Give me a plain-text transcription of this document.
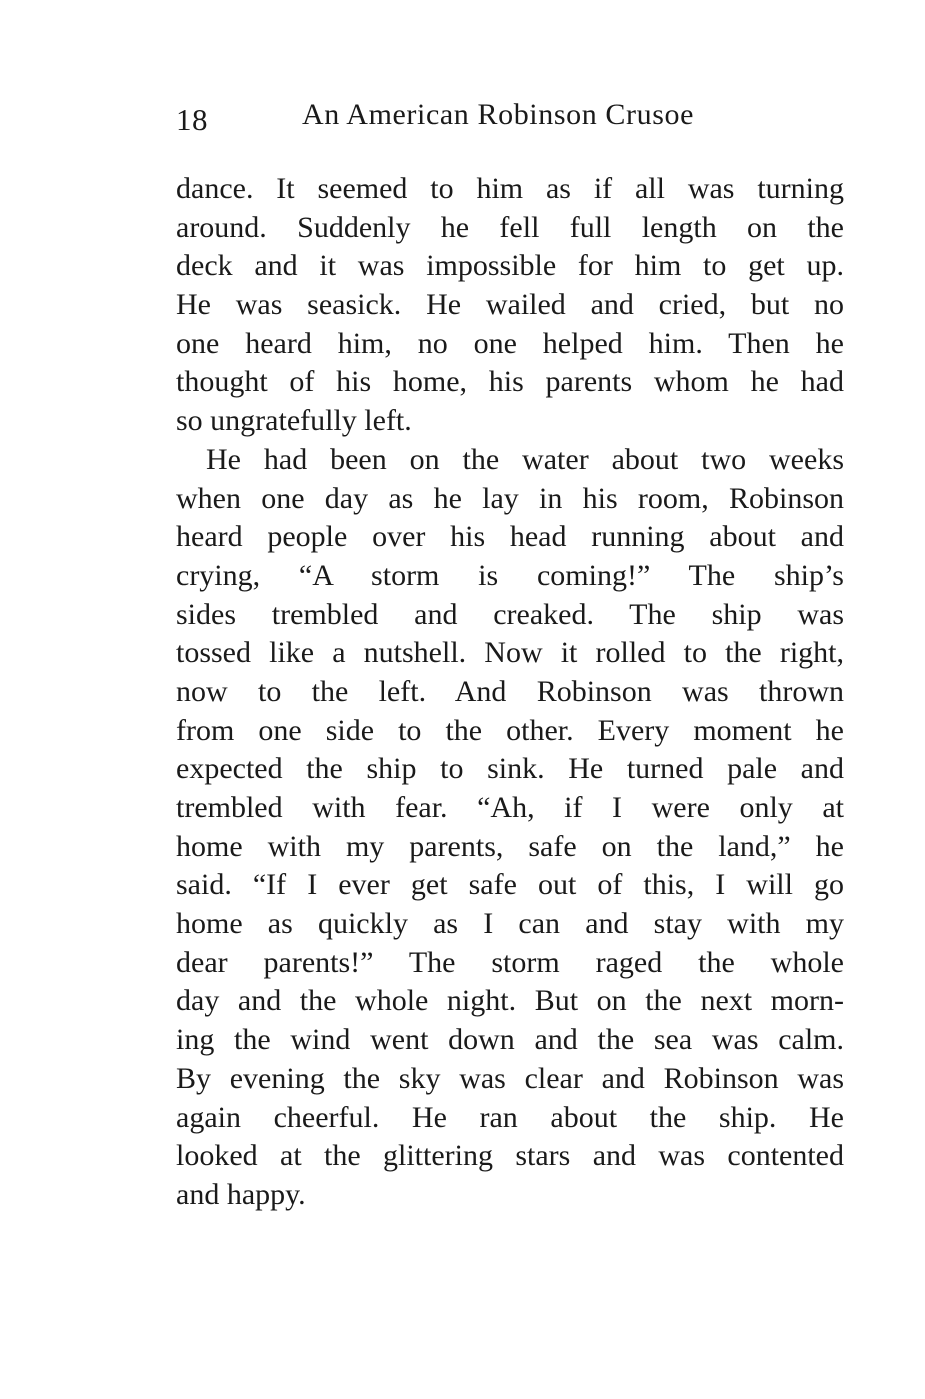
18	An American Robinson Crusoe
dance. It seemed to him as if all was turning
around. Suddenly he fell full length on the
deck and it was impossible for him to get up.
He was seasick. He wailed and cried, but no
one heard him, no one helped him. Then he
thought of his home, his parents whom he had
so ungratefully left.
He had been on the water about two weeks
when one day as he lay in his room, Robinson
heard people over his head running about and
crying, “A storm is coming!” The ship’s
sides trembled and creaked. The ship was
tossed like a nutshell. Now it rolled to the right,
now to the left. And Robinson was thrown
from one side to the other. Every moment he
expected the ship to sink. He turned pale and
trembled with fear. “Ah, if I were only at
home with my parents, safe on the land,” he
said. “If I ever get safe out of this, I will go
home as quickly as I can and stay with my
dear parents!” The storm raged the whole
day and the whole night. But on the next morn-
ing the wind went down and the sea was calm.
By evening the sky was clear and Robinson was
again cheerful. He ran about the ship. He
looked at the glittering stars and was contented
and happy.
